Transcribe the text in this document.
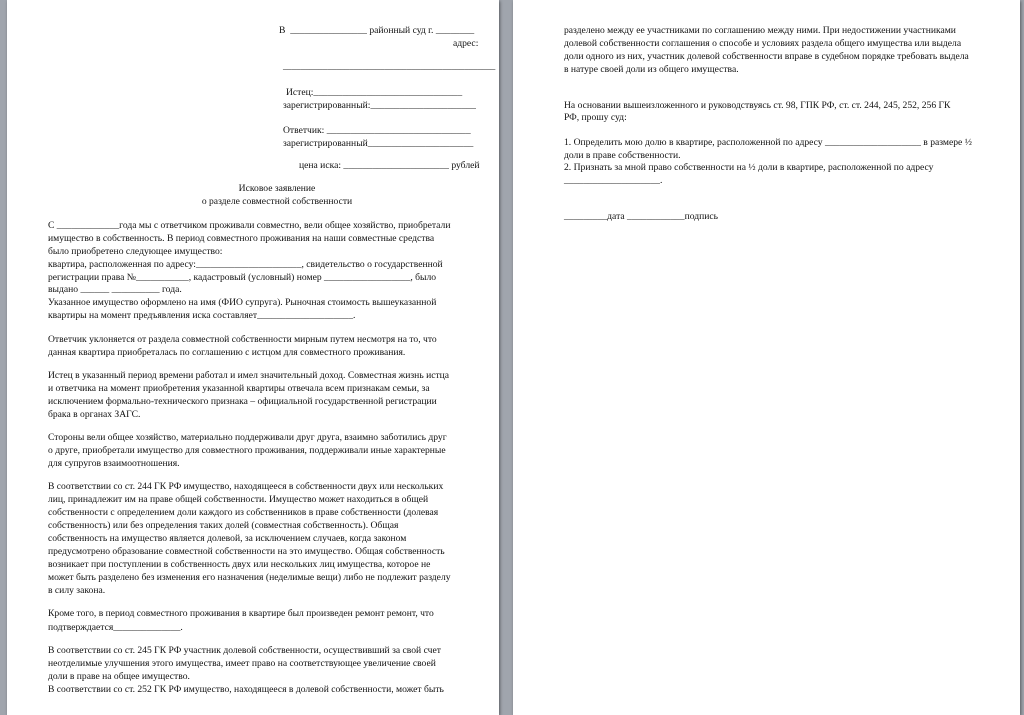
В  ________________ районный суд г. ________
адрес:
________________________________________________
Истец:_______________________________
зарегистрированный:______________________
Ответчик: ______________________________
зарегистрированный______________________
цена иска: ______________________ рублей
Исковое заявление
о разделе совместной собственности
С _____________года мы с ответчиком проживали совместно, вели общее хозяйство, приобретали
имущество в собственность. В период совместного проживания на наши совместные средства
было приобретено следующее имущество:
квартира, расположенная по адресу:______________________, свидетельство о государственной
регистрации права №___________, кадастровый (условный) номер __________________, было
выдано ______ __________ года.
Указанное имущество оформлено на имя (ФИО супруга). Рыночная стоимость вышеуказанной
квартиры на момент предъявления иска составляет____________________.
Ответчик уклоняется от раздела совместной собственности мирным путем несмотря на то, что
данная квартира приобреталась по соглашению с истцом для совместного проживания.
Истец в указанный период времени работал и имел значительный доход. Совместная жизнь истца
и ответчика на момент приобретения указанной квартиры отвечала всем признакам семьи, за
исключением формально-технического признака – официальной государственной регистрации
брака в органах ЗАГС.
Стороны вели общее хозяйство, материально поддерживали друг друга, взаимно заботились друг
о друге, приобретали имущество для совместного проживания, поддерживали иные характерные
для супругов взаимоотношения.
В соответствии со ст. 244 ГК РФ имущество, находящееся в собственности двух или нескольких
лиц, принадлежит им на праве общей собственности. Имущество может находиться в общей
собственности с определением доли каждого из собственников в праве собственности (долевая
собственность) или без определения таких долей (совместная собственность). Общая
собственность на имущество является долевой, за исключением случаев, когда законом
предусмотрено образование совместной собственности на это имущество. Общая собственность
возникает при поступлении в собственность двух или нескольких лиц имущества, которое не
может быть разделено без изменения его назначения (неделимые вещи) либо не подлежит разделу
в силу закона.
Кроме того, в период совместного проживания в квартире был произведен ремонт ремонт, что
подтверждается______________.
В соответствии со ст. 245 ГК РФ участник долевой собственности, осуществивший за свой счет
неотделимые улучшения этого имущества, имеет право на соответствующее увеличение своей
доли в праве на общее имущество.
В соответствии со ст. 252 ГК РФ имущество, находящееся в долевой собственности, может быть
разделено между ее участниками по соглашению между ними. При недостижении участниками
долевой собственности соглашения о способе и условиях раздела общего имущества или выдела
доли одного из них, участник долевой собственности вправе в судебном порядке требовать выдела
в натуре своей доли из общего имущества.
На основании вышеизложенного и руководствуясь ст. 98, ГПК РФ, ст. ст. 244, 245, 252, 256 ГК
РФ, прошу суд:
1. Определить мою долю в квартире, расположенной по адресу ____________________ в размере ½
доли в праве собственности.
2. Признать за мной право собственности на ½ доли в квартире, расположенной по адресу
____________________.
_________дата ____________подпись
